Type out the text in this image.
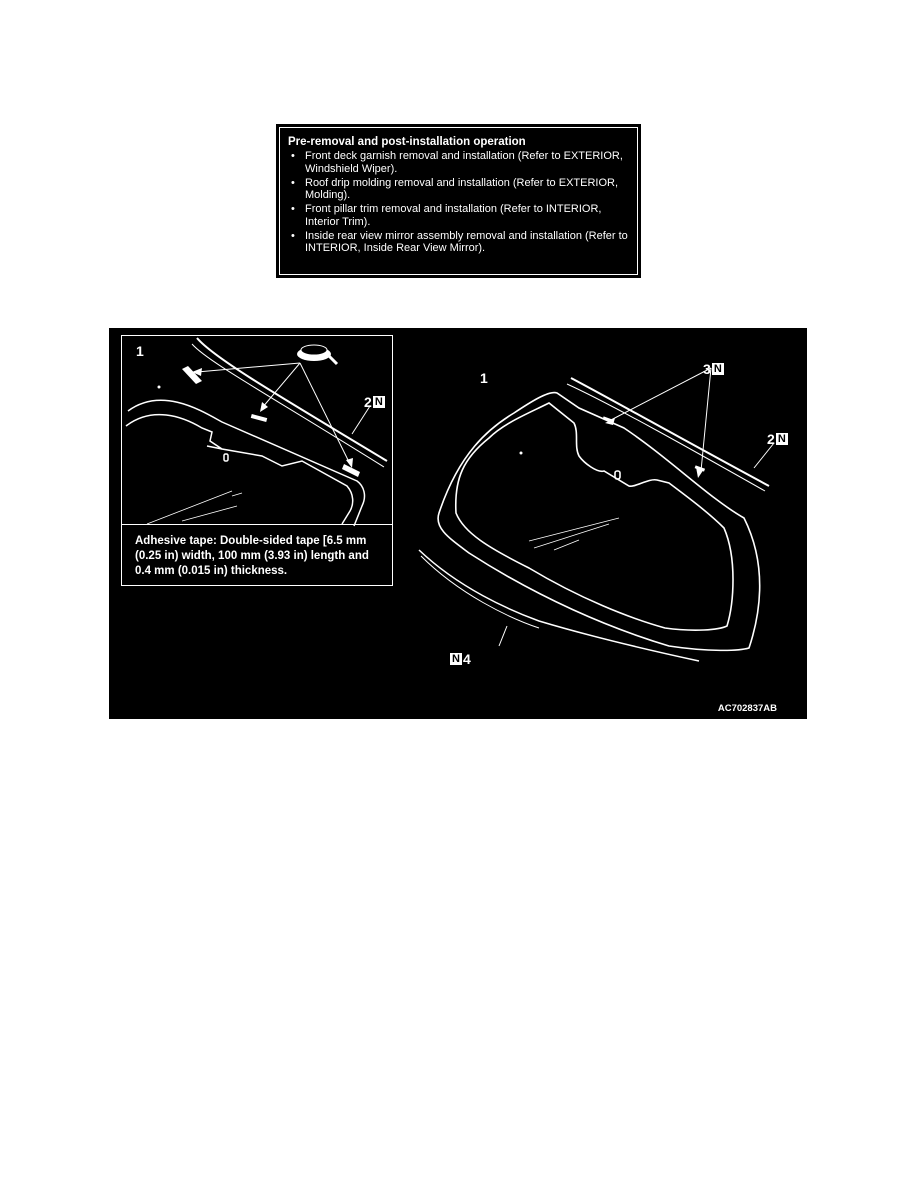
Pre-removal and post-installation operation
• Front deck garnish removal and installation (Refer to EXTERIOR, Windshield Wiper).
• Roof drip molding removal and installation (Refer to EXTERIOR, Molding).
• Front pillar trim removal and installation (Refer to INTERIOR, Interior Trim).
• Inside rear view mirror assembly removal and installation (Refer to INTERIOR, Inside Rear View Mirror).
Adhesive tape: Double-sided tape [6.5 mm (0.25 in) width, 100 mm (3.93 in) length and 0.4 mm (0.015 in) thickness.
1
2 N
1
3 N
2 N
N 4
AC702837AB
